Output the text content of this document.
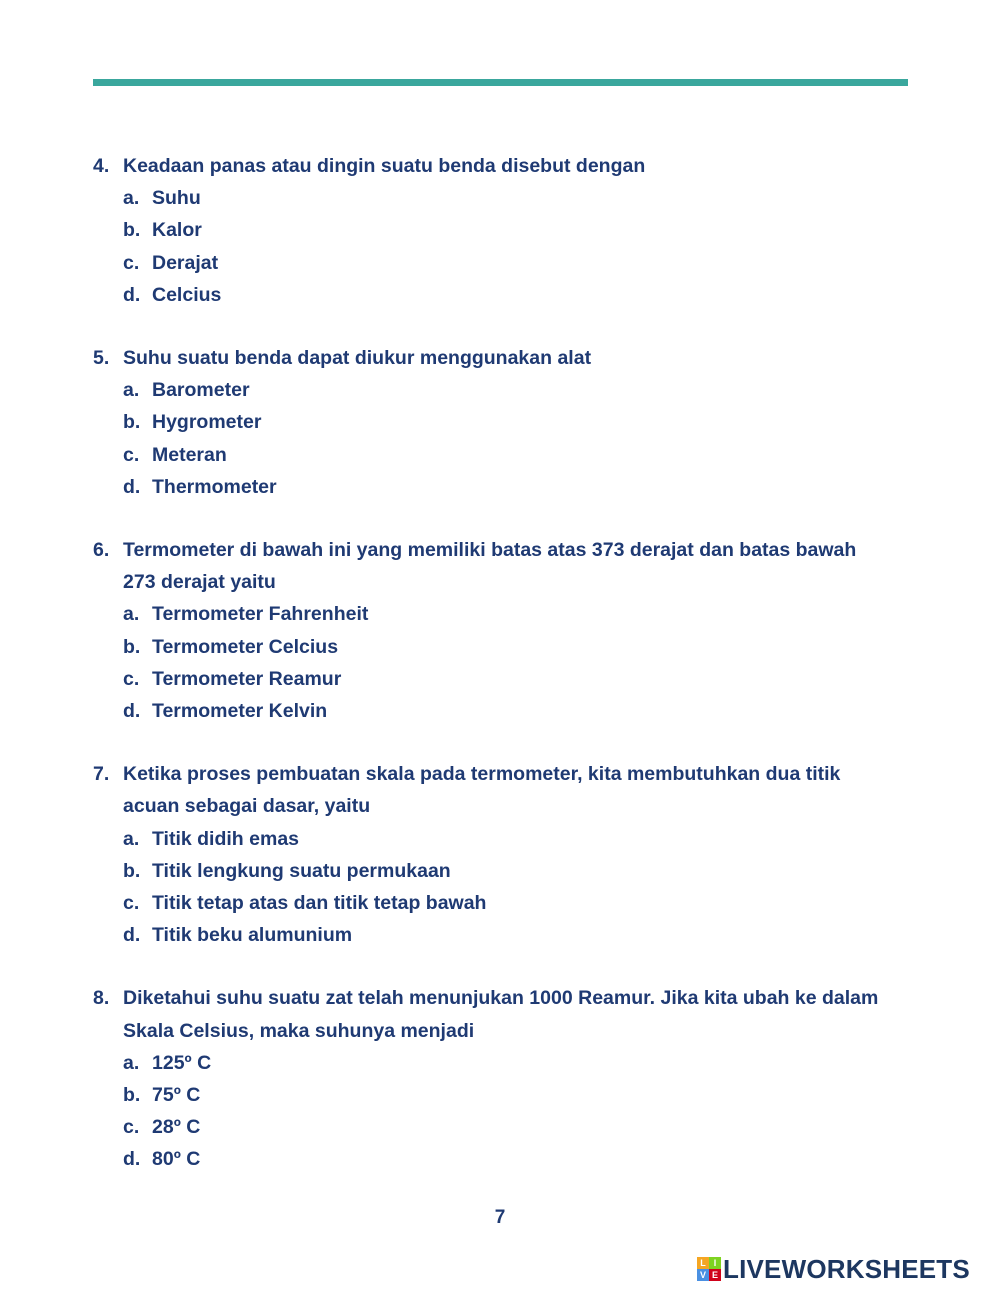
4. Keadaan panas atau dingin suatu benda disebut dengan
a. Suhu
b. Kalor
c. Derajat
d. Celcius
5. Suhu suatu benda dapat diukur menggunakan alat
a. Barometer
b. Hygrometer
c. Meteran
d. Thermometer
6. Termometer di bawah ini yang memiliki batas atas 373 derajat dan batas bawah
273 derajat yaitu
a. Termometer Fahrenheit
b. Termometer Celcius
c. Termometer Reamur
d. Termometer Kelvin
7. Ketika proses pembuatan skala pada termometer, kita membutuhkan dua titik
acuan sebagai dasar, yaitu
a. Titik didih emas
b. Titik lengkung suatu permukaan
c. Titik tetap atas dan titik tetap bawah
d. Titik beku alumunium
8. Diketahui suhu suatu zat telah menunjukan 1000 Reamur. Jika kita ubah ke dalam
Skala Celsius, maka suhunya menjadi
a. 125º C
b. 75º C
c. 28º C
d. 80º C
7
L I
V E LIVEWORKSHEETS
